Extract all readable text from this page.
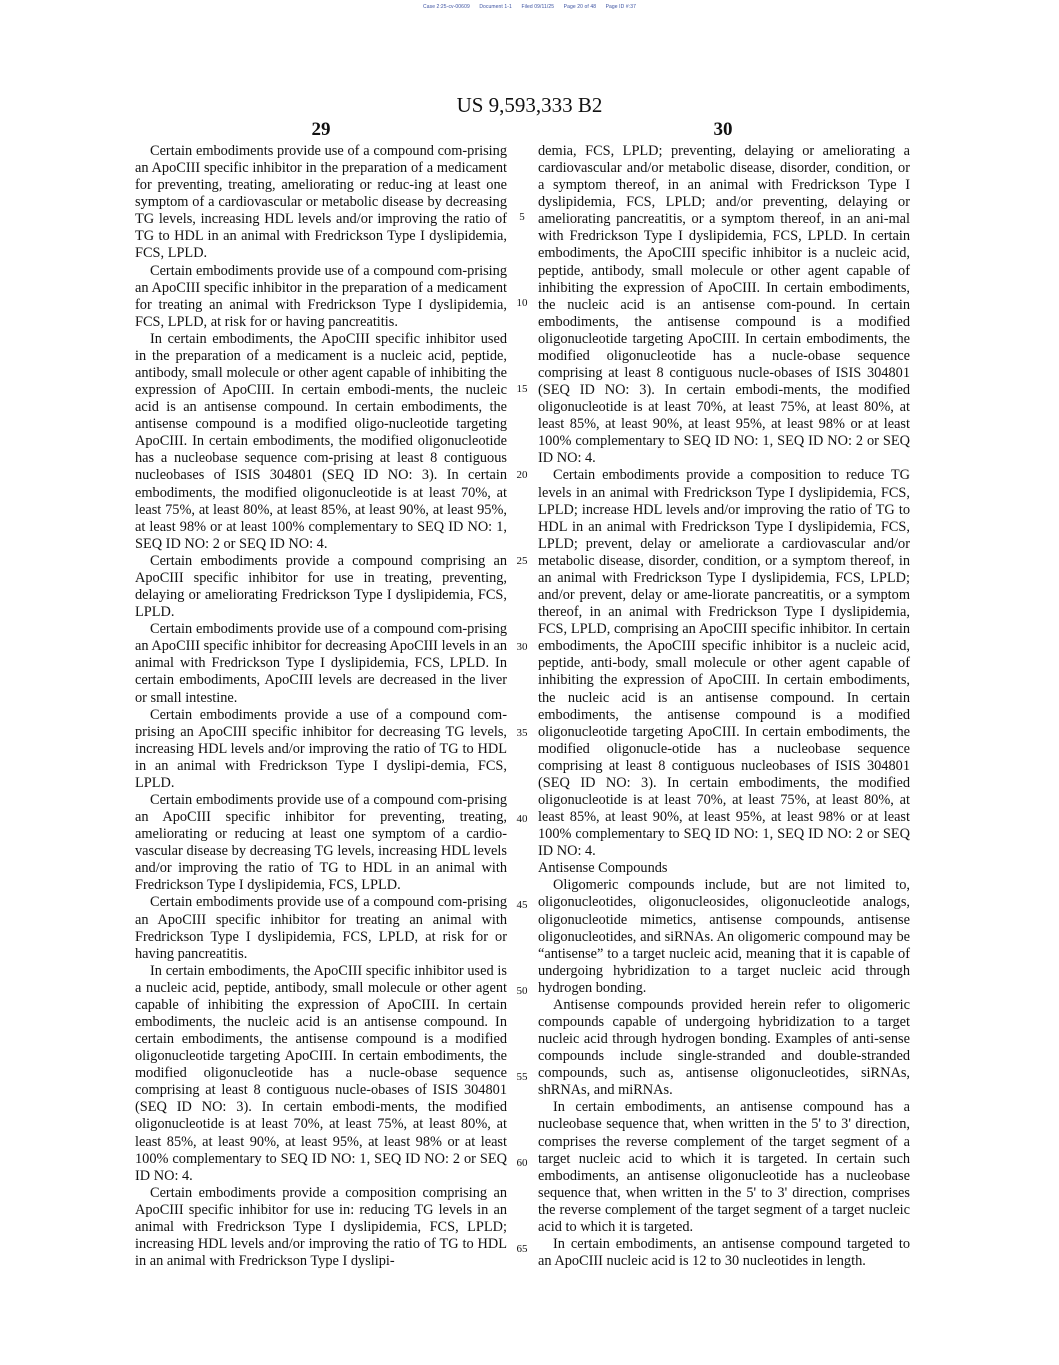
Case 2:25-cv-00609 Document 1-1 Filed 09/11/25 Page 20 of 48 Page ID #:37
US 9,593,333 B2
29	30

Certain embodiments provide use of a compound com-prising an ApoCIII specific inhibitor in the preparation of a medicament for preventing, treating, ameliorating or reduc-ing at least one symptom of a cardiovascular or metabolic disease by decreasing TG levels, increasing HDL levels and/or improving the ratio of TG to HDL in an animal with Fredrickson Type I dyslipidemia, FCS, LPLD.

Certain embodiments provide use of a compound com-prising an ApoCIII specific inhibitor in the preparation of a medicament for treating an animal with Fredrickson Type I dyslipidemia, FCS, LPLD, at risk for or having pancreatitis.

In certain embodiments, the ApoCIII specific inhibitor used in the preparation of a medicament is a nucleic acid, peptide, antibody, small molecule or other agent capable of inhibiting the expression of ApoCIII. In certain embodi-ments, the nucleic acid is an antisense compound. In certain embodiments, the antisense compound is a modified oligo-nucleotide targeting ApoCIII. In certain embodiments, the modified oligonucleotide has a nucleobase sequence com-prising at least 8 contiguous nucleobases of ISIS 304801 (SEQ ID NO: 3). In certain embodiments, the modified oligonucleotide is at least 70%, at least 75%, at least 80%, at least 85%, at least 90%, at least 95%, at least 98% or at least 100% complementary to SEQ ID NO: 1, SEQ ID NO: 2 or SEQ ID NO: 4.

Certain embodiments provide a compound comprising an ApoCIII specific inhibitor for use in treating, preventing, delaying or ameliorating Fredrickson Type I dyslipidemia, FCS, LPLD.

Certain embodiments provide use of a compound com-prising an ApoCIII specific inhibitor for decreasing ApoCIII levels in an animal with Fredrickson Type I dyslipidemia, FCS, LPLD. In certain embodiments, ApoCIII levels are decreased in the liver or small intestine.

Certain embodiments provide a use of a compound com-prising an ApoCIII specific inhibitor for decreasing TG levels, increasing HDL levels and/or improving the ratio of TG to HDL in an animal with Fredrickson Type I dyslipi-demia, FCS, LPLD.

Certain embodiments provide use of a compound com-prising an ApoCIII specific inhibitor for preventing, treating, ameliorating or reducing at least one symptom of a cardio-vascular disease by decreasing TG levels, increasing HDL levels and/or improving the ratio of TG to HDL in an animal with Fredrickson Type I dyslipidemia, FCS, LPLD.

Certain embodiments provide use of a compound com-prising an ApoCIII specific inhibitor for treating an animal with Fredrickson Type I dyslipidemia, FCS, LPLD, at risk for or having pancreatitis.

In certain embodiments, the ApoCIII specific inhibitor used is a nucleic acid, peptide, antibody, small molecule or other agent capable of inhibiting the expression of ApoCIII. In certain embodiments, the nucleic acid is an antisense compound. In certain embodiments, the antisense compound is a modified oligonucleotide targeting ApoCIII. In certain embodiments, the modified oligonucleotide has a nucle-obase sequence comprising at least 8 contiguous nucle-obases of ISIS 304801 (SEQ ID NO: 3). In certain embodi-ments, the modified oligonucleotide is at least 70%, at least 75%, at least 80%, at least 85%, at least 90%, at least 95%, at least 98% or at least 100% complementary to SEQ ID NO: 1, SEQ ID NO: 2 or SEQ ID NO: 4.

Certain embodiments provide a composition comprising an ApoCIII specific inhibitor for use in: reducing TG levels in an animal with Fredrickson Type I dyslipidemia, FCS, LPLD; increasing HDL levels and/or improving the ratio of TG to HDL in an animal with Fredrickson Type I dyslipi-

5
10
15
20
25
30
35
40
45
50
55
60
65

demia, FCS, LPLD; preventing, delaying or ameliorating a cardiovascular and/or metabolic disease, disorder, condition, or a symptom thereof, in an animal with Fredrickson Type I dyslipidemia, FCS, LPLD; and/or preventing, delaying or ameliorating pancreatitis, or a symptom thereof, in an ani-mal with Fredrickson Type I dyslipidemia, FCS, LPLD. In certain embodiments, the ApoCIII specific inhibitor is a nucleic acid, peptide, antibody, small molecule or other agent capable of inhibiting the expression of ApoCIII. In certain embodiments, the nucleic acid is an antisense com-pound. In certain embodiments, the antisense compound is a modified oligonucleotide targeting ApoCIII. In certain embodiments, the modified oligonucleotide has a nucle-obase sequence comprising at least 8 contiguous nucle-obases of ISIS 304801 (SEQ ID NO: 3). In certain embodi-ments, the modified oligonucleotide is at least 70%, at least 75%, at least 80%, at least 85%, at least 90%, at least 95%, at least 98% or at least 100% complementary to SEQ ID NO: 1, SEQ ID NO: 2 or SEQ ID NO: 4.

Certain embodiments provide a composition to reduce TG levels in an animal with Fredrickson Type I dyslipidemia, FCS, LPLD; increase HDL levels and/or improving the ratio of TG to HDL in an animal with Fredrickson Type I dyslipidemia, FCS, LPLD; prevent, delay or ameliorate a cardiovascular and/or metabolic disease, disorder, condition, or a symptom thereof, in an animal with Fredrickson Type I dyslipidemia, FCS, LPLD; and/or prevent, delay or ame-liorate pancreatitis, or a symptom thereof, in an animal with Fredrickson Type I dyslipidemia, FCS, LPLD, comprising an ApoCIII specific inhibitor. In certain embodiments, the ApoCIII specific inhibitor is a nucleic acid, peptide, anti-body, small molecule or other agent capable of inhibiting the expression of ApoCIII. In certain embodiments, the nucleic acid is an antisense compound. In certain embodiments, the antisense compound is a modified oligonucleotide targeting ApoCIII. In certain embodiments, the modified oligonucle-otide has a nucleobase sequence comprising at least 8 contiguous nucleobases of ISIS 304801 (SEQ ID NO: 3). In certain embodiments, the modified oligonucleotide is at least 70%, at least 75%, at least 80%, at least 85%, at least 90%, at least 95%, at least 98% or at least 100% complementary to SEQ ID NO: 1, SEQ ID NO: 2 or SEQ ID NO: 4.

Antisense Compounds

Oligomeric compounds include, but are not limited to, oligonucleotides, oligonucleosides, oligonucleotide analogs, oligonucleotide mimetics, antisense compounds, antisense oligonucleotides, and siRNAs. An oligomeric compound may be “antisense” to a target nucleic acid, meaning that it is capable of undergoing hybridization to a target nucleic acid through hydrogen bonding.

Antisense compounds provided herein refer to oligomeric compounds capable of undergoing hybridization to a target nucleic acid through hydrogen bonding. Examples of anti-sense compounds include single-stranded and double-stranded compounds, such as, antisense oligonucleotides, siRNAs, shRNAs, and miRNAs.

In certain embodiments, an antisense compound has a nucleobase sequence that, when written in the 5' to 3' direction, comprises the reverse complement of the target segment of a target nucleic acid to which it is targeted. In certain such embodiments, an antisense oligonucleotide has a nucleobase sequence that, when written in the 5' to 3' direction, comprises the reverse complement of the target segment of a target nucleic acid to which it is targeted.

In certain embodiments, an antisense compound targeted to an ApoCIII nucleic acid is 12 to 30 nucleotides in length.
